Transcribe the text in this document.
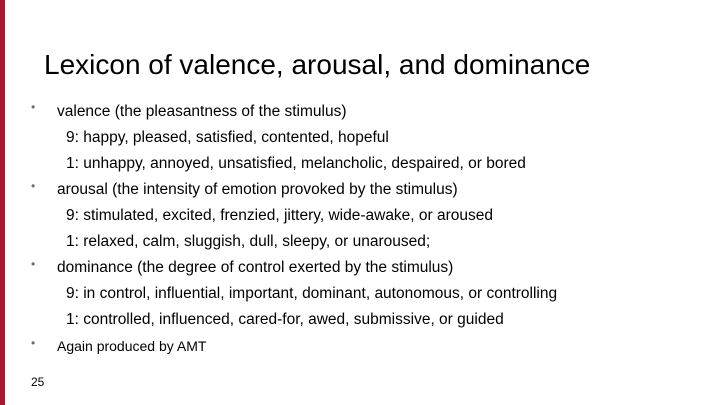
Lexicon of valence, arousal, and dominance
• valence (the pleasantness of the stimulus)
9: happy, pleased, satisfied, contented, hopeful
1: unhappy, annoyed, unsatisfied, melancholic, despaired, or bored
• arousal (the intensity of emotion provoked by the stimulus)
9: stimulated, excited, frenzied, jittery, wide-awake, or aroused
1: relaxed, calm, sluggish, dull, sleepy, or unaroused;
• dominance (the degree of control exerted by the stimulus)
9: in control, influential, important, dominant, autonomous, or controlling
1: controlled, influenced, cared-for, awed, submissive, or guided
• Again produced by AMT
25
